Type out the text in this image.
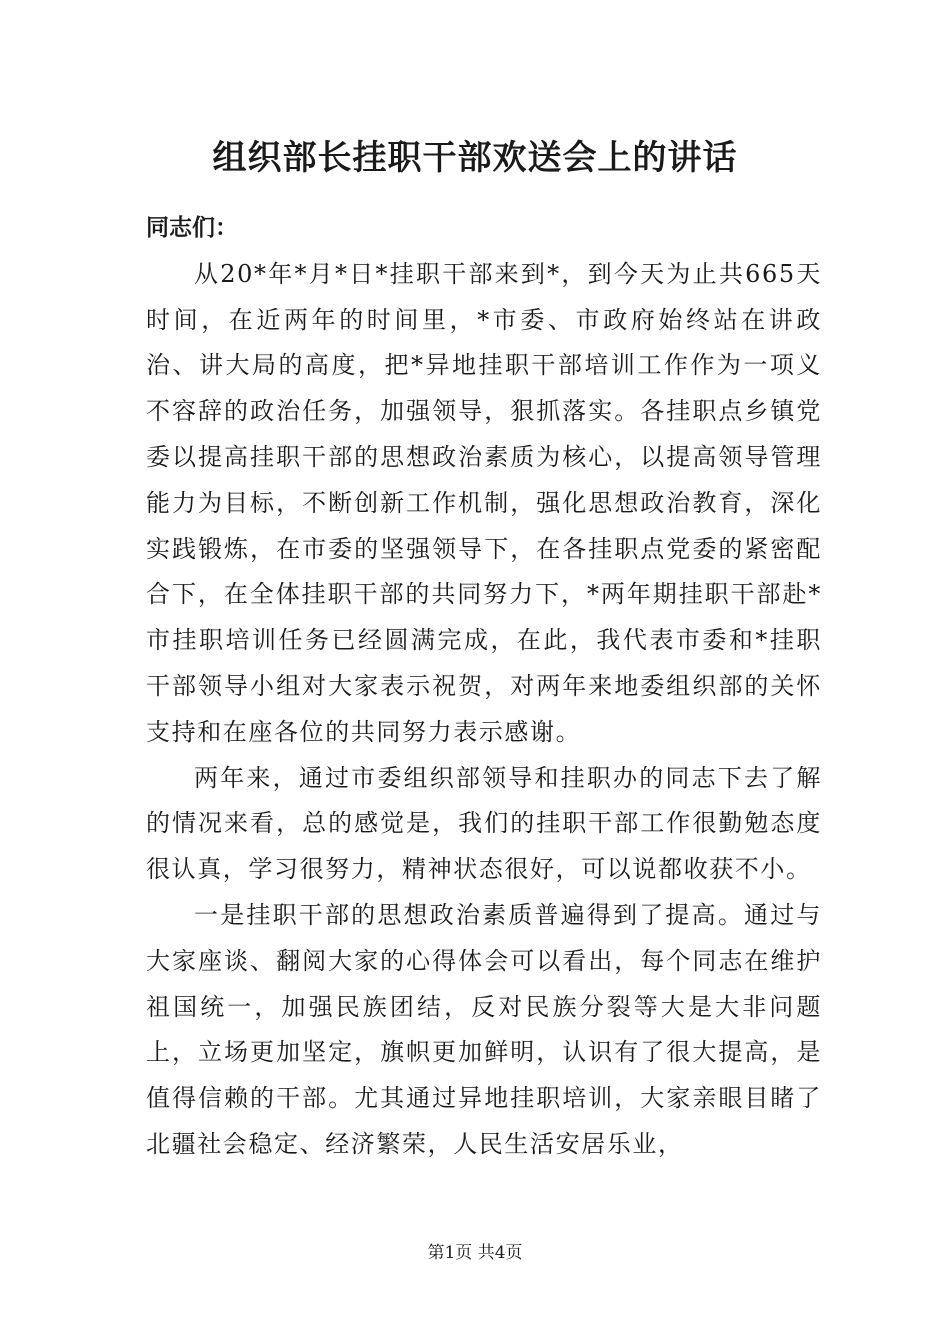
组织部长挂职干部欢送会上的讲话

同志们：

从20*年*月*日*挂职干部来到*，到今天为止共665天时间，在近两年的时间里，*市委、市政府始终站在讲政治、讲大局的高度，把*异地挂职干部培训工作作为一项义不容辞的政治任务，加强领导，狠抓落实。各挂职点乡镇党委以提高挂职干部的思想政治素质为核心，以提高领导管理能力为目标，不断创新工作机制，强化思想政治教育，深化实践锻炼，在市委的坚强领导下，在各挂职点党委的紧密配合下，在全体挂职干部的共同努力下，*两年期挂职干部赴*市挂职培训任务已经圆满完成，在此，我代表市委和*挂职干部领导小组对大家表示祝贺，对两年来地委组织部的关怀支持和在座各位的共同努力表示感谢。

两年来，通过市委组织部领导和挂职办的同志下去了解的情况来看，总的感觉是，我们的挂职干部工作很勤勉态度很认真，学习很努力，精神状态很好，可以说都收获不小。

一是挂职干部的思想政治素质普遍得到了提高。通过与大家座谈、翻阅大家的心得体会可以看出，每个同志在维护祖国统一，加强民族团结，反对民族分裂等大是大非问题上，立场更加坚定，旗帜更加鲜明，认识有了很大提高，是值得信赖的干部。尤其通过异地挂职培训，大家亲眼目睹了北疆社会稳定、经济繁荣，人民生活安居乐业，

第1页 共4页
